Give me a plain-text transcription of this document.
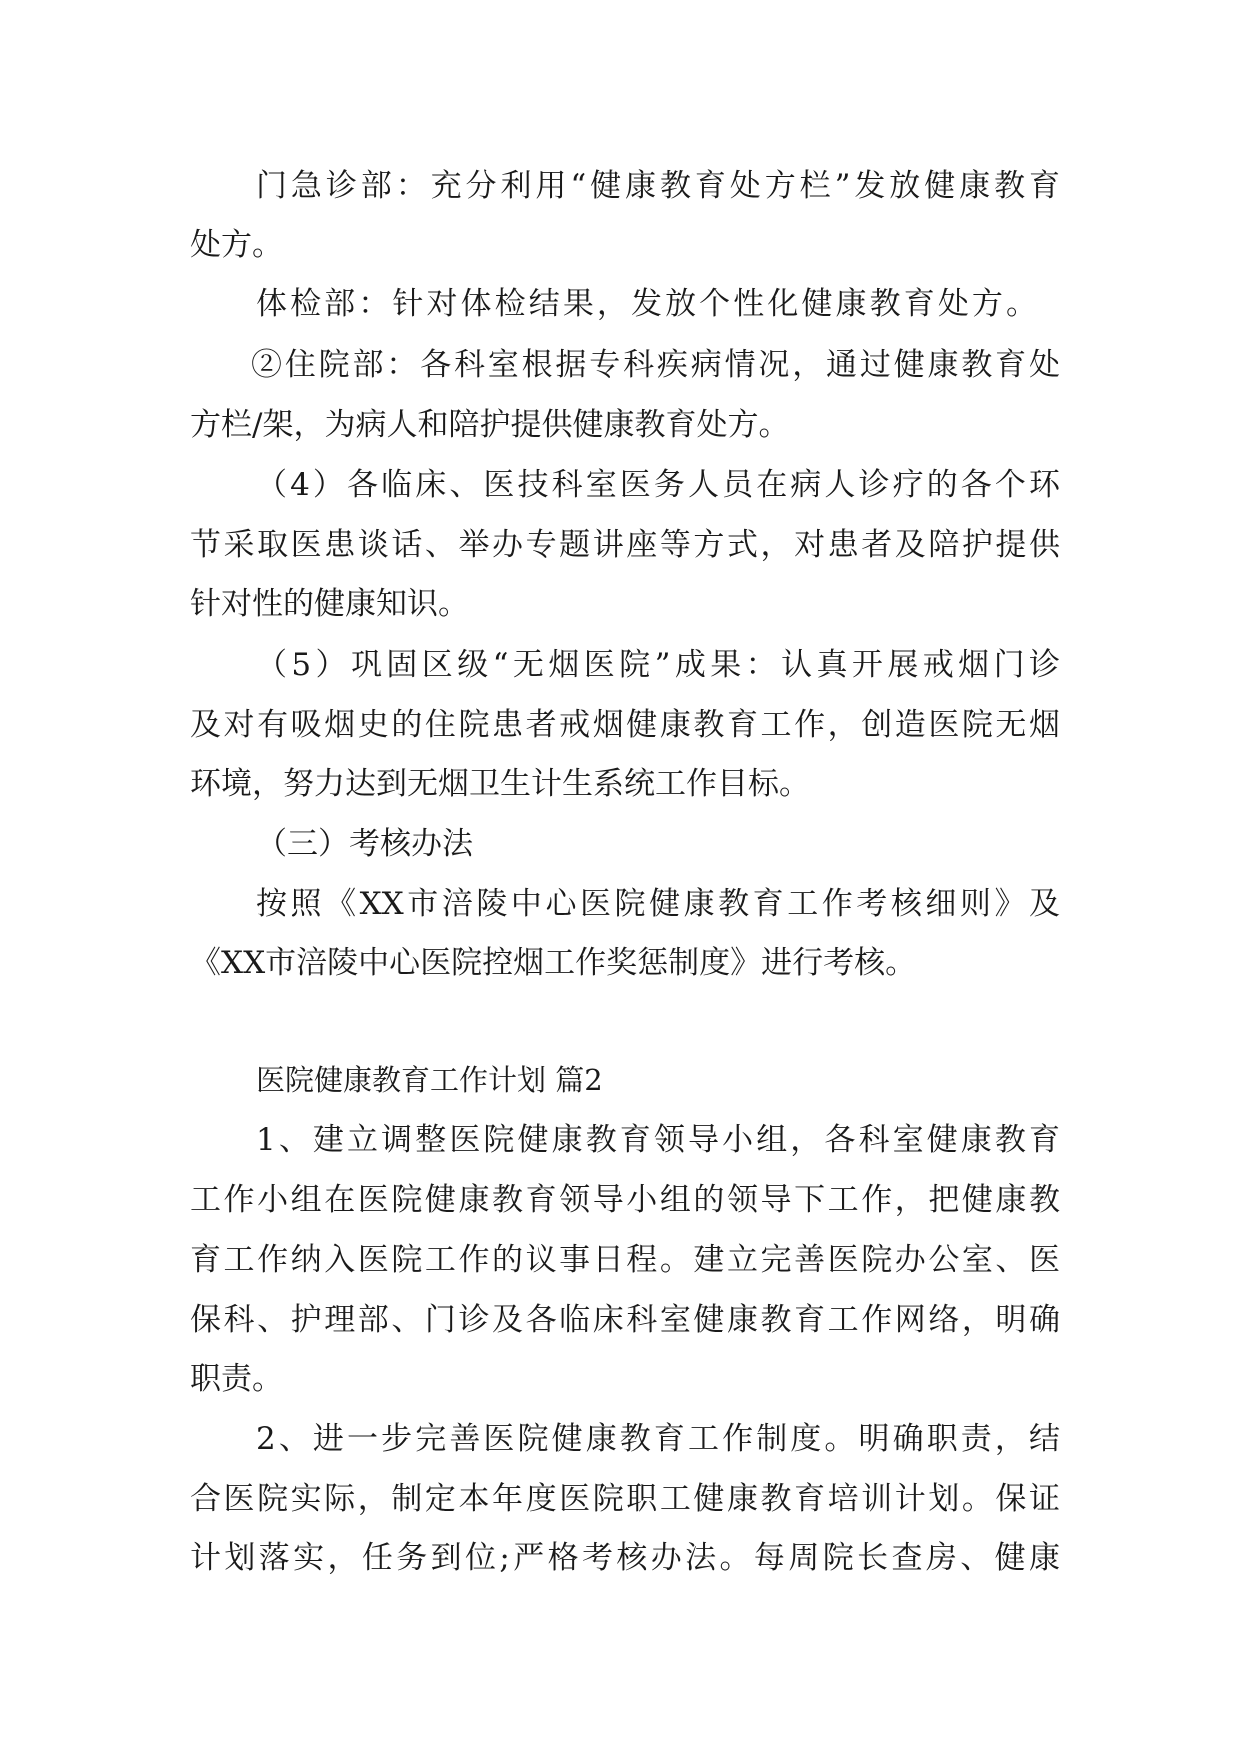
门急诊部：充分利用“健康教育处方栏”发放健康教育
处方。
体检部：针对体检结果，发放个性化健康教育处方。
②住院部：各科室根据专科疾病情况，通过健康教育处
方栏/架，为病人和陪护提供健康教育处方。
（4）各临床、医技科室医务人员在病人诊疗的各个环
节采取医患谈话、举办专题讲座等方式，对患者及陪护提供
针对性的健康知识。
（5）巩固区级“无烟医院”成果：认真开展戒烟门诊
及对有吸烟史的住院患者戒烟健康教育工作，创造医院无烟
环境，努力达到无烟卫生计生系统工作目标。
（三）考核办法
按照《XX市涪陵中心医院健康教育工作考核细则》及
《XX市涪陵中心医院控烟工作奖惩制度》进行考核。
医院健康教育工作计划 篇2
1、建立调整医院健康教育领导小组，各科室健康教育
工作小组在医院健康教育领导小组的领导下工作，把健康教
育工作纳入医院工作的议事日程。建立完善医院办公室、医
保科、护理部、门诊及各临床科室健康教育工作网络，明确
职责。
2、进一步完善医院健康教育工作制度。明确职责，结
合医院实际，制定本年度医院职工健康教育培训计划。保证
计划落实，任务到位;严格考核办法。每周院长查房、健康
